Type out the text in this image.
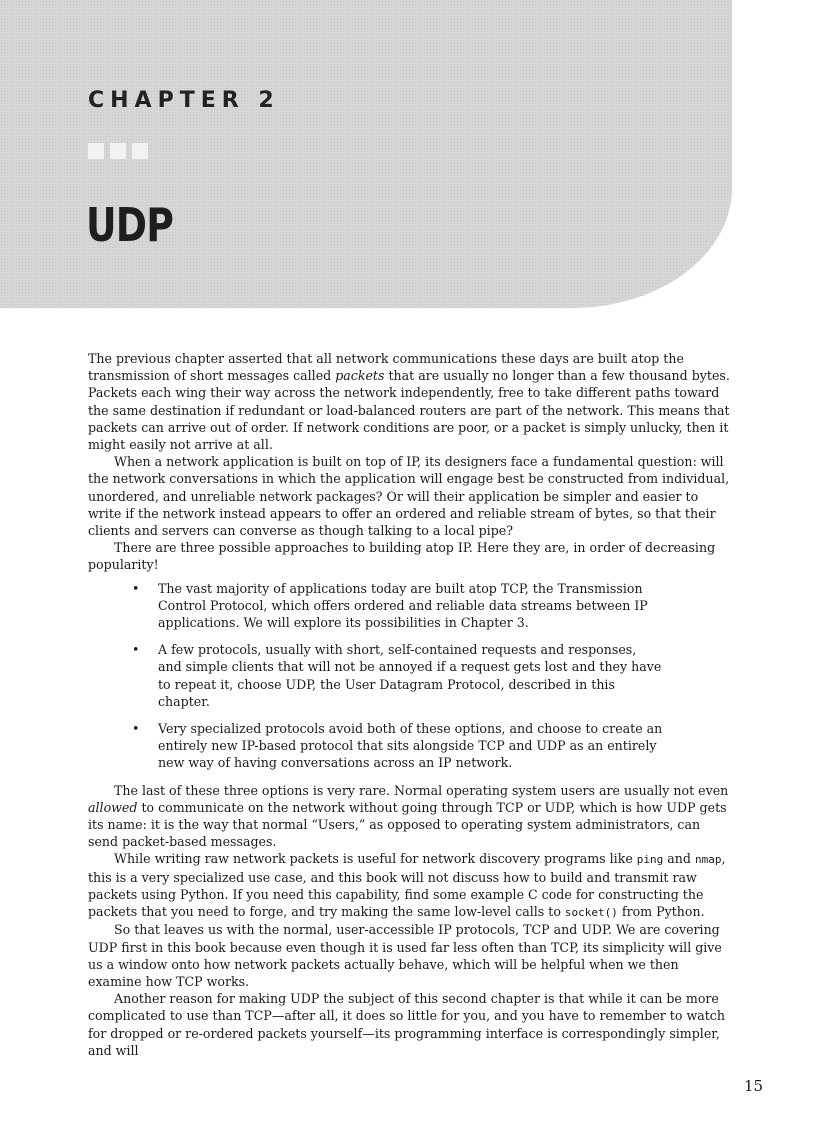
CHAPTER 2
UDP

The previous chapter asserted that all network communications these days are built atop the transmission of short messages called packets that are usually no longer than a few thousand bytes. Packets each wing their way across the network independently, free to take different paths toward the same destination if redundant or load-balanced routers are part of the network. This means that packets can arrive out of order. If network conditions are poor, or a packet is simply unlucky, then it might easily not arrive at all.

When a network application is built on top of IP, its designers face a fundamental question: will the network conversations in which the application will engage best be constructed from individual, unordered, and unreliable network packages? Or will their application be simpler and easier to write if the network instead appears to offer an ordered and reliable stream of bytes, so that their clients and servers can converse as though talking to a local pipe?

There are three possible approaches to building atop IP. Here they are, in order of decreasing popularity!

• The vast majority of applications today are built atop TCP, the Transmission Control Protocol, which offers ordered and reliable data streams between IP applications. We will explore its possibilities in Chapter 3.
• A few protocols, usually with short, self-contained requests and responses, and simple clients that will not be annoyed if a request gets lost and they have to repeat it, choose UDP, the User Datagram Protocol, described in this chapter.
• Very specialized protocols avoid both of these options, and choose to create an entirely new IP-based protocol that sits alongside TCP and UDP as an entirely new way of having conversations across an IP network.

The last of these three options is very rare. Normal operating system users are usually not even allowed to communicate on the network without going through TCP or UDP, which is how UDP gets its name: it is the way that normal “Users,” as opposed to operating system administrators, can send packet-based messages.

While writing raw network packets is useful for network discovery programs like ping and nmap, this is a very specialized use case, and this book will not discuss how to build and transmit raw packets using Python. If you need this capability, find some example C code for constructing the packets that you need to forge, and try making the same low-level calls to socket() from Python.

So that leaves us with the normal, user-accessible IP protocols, TCP and UDP. We are covering UDP first in this book because even though it is used far less often than TCP, its simplicity will give us a window onto how network packets actually behave, which will be helpful when we then examine how TCP works.

Another reason for making UDP the subject of this second chapter is that while it can be more complicated to use than TCP—after all, it does so little for you, and you have to remember to watch for dropped or re-ordered packets yourself—its programming interface is correspondingly simpler, and will

15
